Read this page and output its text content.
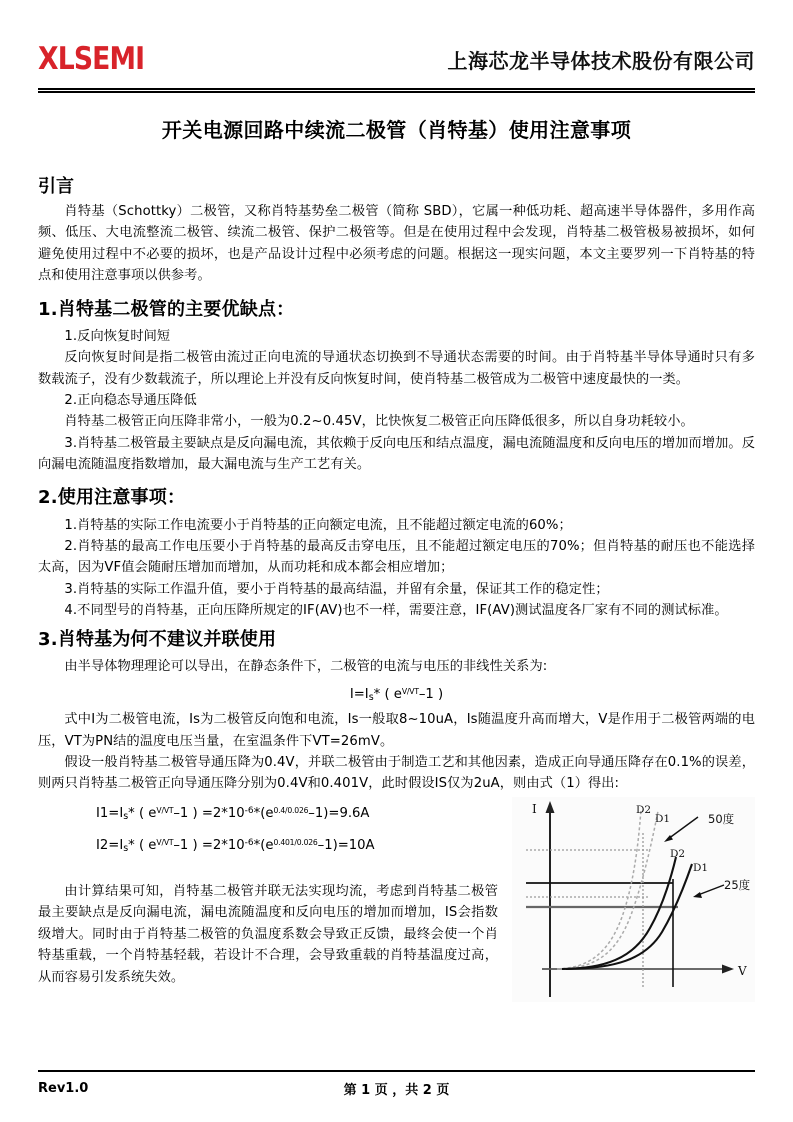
XLSEMI	上海芯龙半导体技术股份有限公司
开关电源回路中续流二极管（肖特基）使用注意事项
引言

肖特基（Schottky）二极管，又称肖特基势垒二极管（简称 SBD），它属一种低功耗、超高速半导体器件，多用作高频、低压、大电流整流二极管、续流二极管、保护二极管等。但是在使用过程中会发现，肖特基二极管极易被损坏，如何避免使用过程中不必要的损坏，也是产品设计过程中必须考虑的问题。根据这一现实问题，本文主要罗列一下肖特基的特点和使用注意事项以供参考。

1.肖特基二极管的主要优缺点：

1.反向恢复时间短

反向恢复时间是指二极管由流过正向电流的导通状态切换到不导通状态需要的时间。由于肖特基半导体导通时只有多数载流子，没有少数载流子，所以理论上并没有反向恢复时间，使肖特基二极管成为二极管中速度最快的一类。

2.正向稳态导通压降低

肖特基二极管正向压降非常小，一般为0.2~0.45V，比快恢复二极管正向压降低很多，所以自身功耗较小。

3.肖特基二极管最主要缺点是反向漏电流，其依赖于反向电压和结点温度，漏电流随温度和反向电压的增加而增加。反向漏电流随温度指数增加，最大漏电流与生产工艺有关。

2.使用注意事项：

1.肖特基的实际工作电流要小于肖特基的正向额定电流，且不能超过额定电流的60%；

2.肖特基的最高工作电压要小于肖特基的最高反击穿电压，且不能超过额定电压的70%；但肖特基的耐压也不能选择太高，因为VF值会随耐压增加而增加，从而功耗和成本都会相应增加；

3.肖特基的实际工作温升值，要小于肖特基的最高结温，并留有余量，保证其工作的稳定性；

4.不同型号的肖特基，正向压降所规定的IF(AV)也不一样，需要注意，IF(AV)测试温度各厂家有不同的测试标准。

3.肖特基为何不建议并联使用

由半导体物理理论可以导出，在静态条件下，二极管的电流与电压的非线性关系为:

$I=I_s*$ ( $e^{V/VT}-1$ )

式中I为二极管电流，Is为二极管反向饱和电流，Is一般取8~10uA，Is随温度升高而增大，V是作用于二极管两端的电压，VT为PN结的温度电压当量，在室温条件下VT=26mV。

假设一般肖特基二极管导通压降为0.4V，并联二极管由于制造工艺和其他因素，造成正向导通压降存在0.1%的误差，则两只肖特基二极管正向导通压降分别为0.4V和0.401V，此时假设IS仅为2uA，则由式（1）得出:

I
V
D2
D1
D2
D1
50度
25度
$I1=I_s*$ ( $e^{V/VT}-1$ ) $=2*10^{-6}*(e^{0.4/0.026}-1)=9.6A$
$I2=I_s*$ ( $e^{V/VT}-1$ ) $=2*10^{-6}*(e^{0.401/0.026}-1)=10A$

由计算结果可知，肖特基二极管并联无法实现均流，考虑到肖特基二极管最主要缺点是反向漏电流，漏电流随温度和反向电压的增加而增加，IS会指数级增大。同时由于肖特基二极管的负温度系数会导致正反馈，最终会使一个肖特基重载，一个肖特基轻载，若设计不合理，会导致重载的肖特基温度过高，从而容易引发系统失效。

Rev1.0	第 1 页 ，共 2 页
